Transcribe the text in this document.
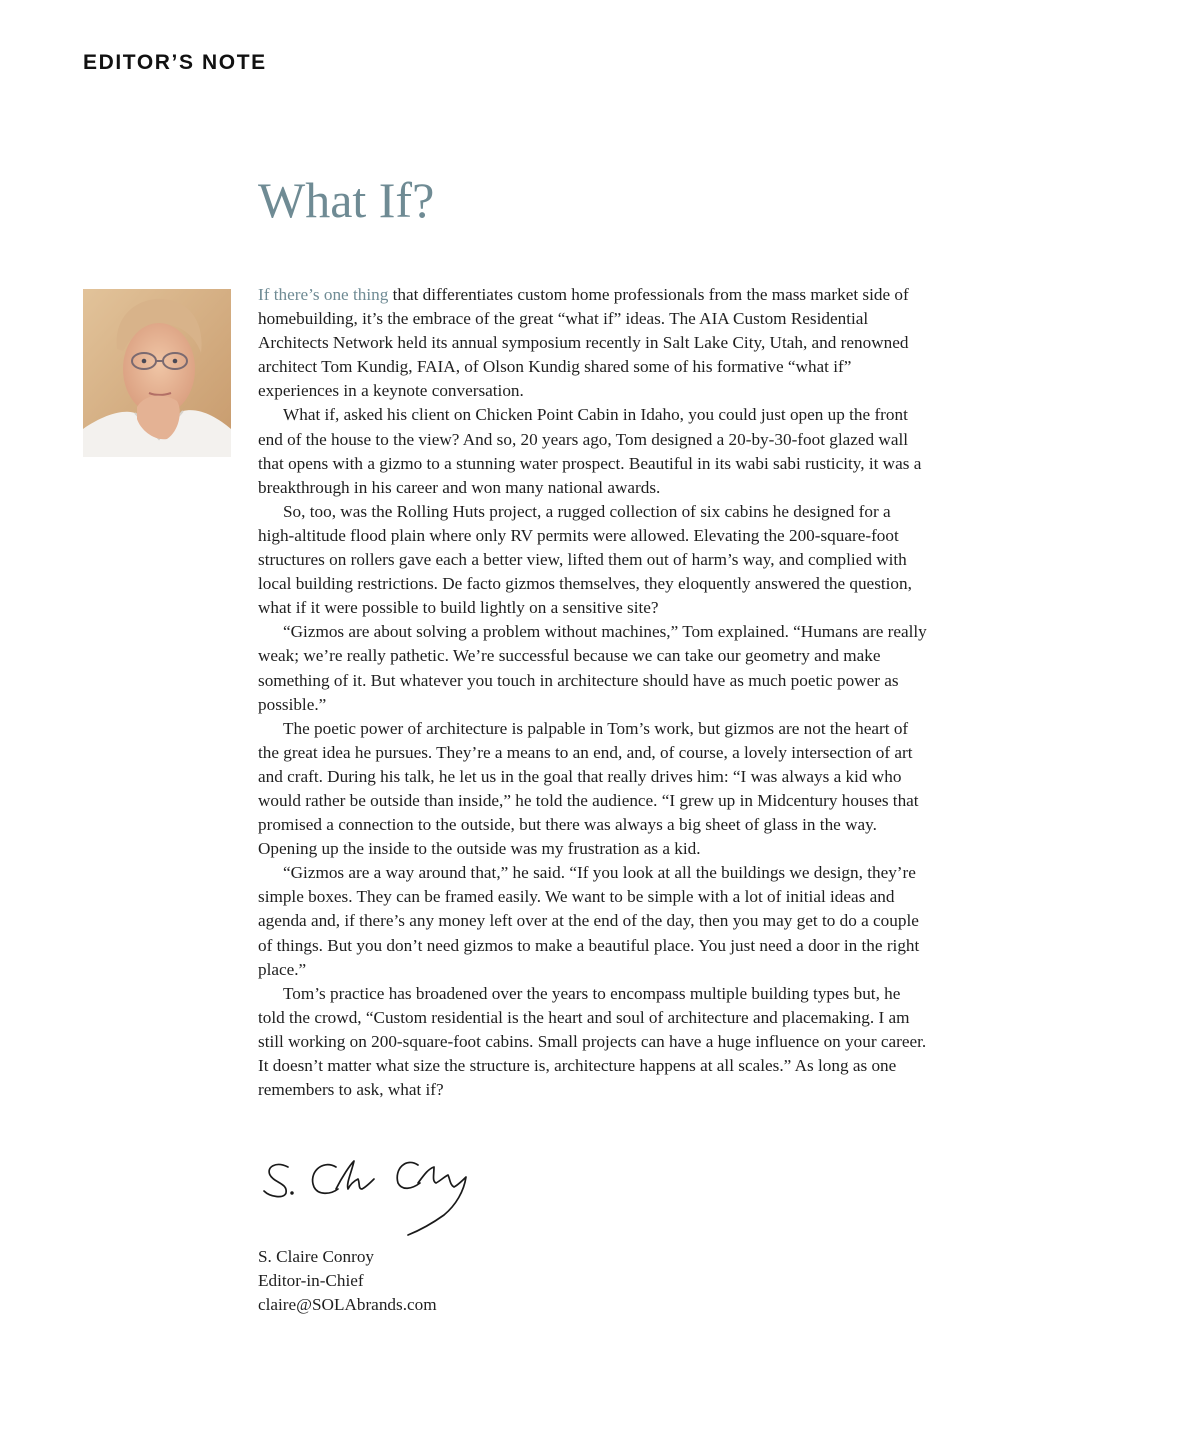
EDITOR’S NOTE
What If?

If there’s one thing that differentiates custom home professionals from the mass market side of homebuilding, it’s the embrace of the great “what if” ideas. The AIA Custom Residential Architects Network held its annual symposium recently in Salt Lake City, Utah, and renowned architect Tom Kundig, FAIA, of Olson Kundig shared some of his formative “what if” experiences in a keynote conversation.

What if, asked his client on Chicken Point Cabin in Idaho, you could just open up the front end of the house to the view? And so, 20 years ago, Tom designed a 20-by-30-foot glazed wall that opens with a gizmo to a stunning water prospect. Beautiful in its wabi sabi rusticity, it was a breakthrough in his career and won many national awards.

So, too, was the Rolling Huts project, a rugged collection of six cabins he designed for a high-altitude flood plain where only RV permits were allowed. Elevating the 200-square-foot structures on rollers gave each a better view, lifted them out of harm’s way, and complied with local building restrictions. De facto gizmos themselves, they eloquently answered the question, what if it were possible to build lightly on a sensitive site?

“Gizmos are about solving a problem without machines,” Tom explained. “Humans are really weak; we’re really pathetic. We’re successful because we can take our geometry and make something of it. But whatever you touch in architecture should have as much poetic power as possible.”

The poetic power of architecture is palpable in Tom’s work, but gizmos are not the heart of the great idea he pursues. They’re a means to an end, and, of course, a lovely intersection of art and craft. During his talk, he let us in the goal that really drives him: “I was always a kid who would rather be outside than inside,” he told the audience. “I grew up in Midcentury houses that promised a connection to the outside, but there was always a big sheet of glass in the way. Opening up the inside to the outside was my frustration as a kid.

“Gizmos are a way around that,” he said. “If you look at all the buildings we design, they’re simple boxes. They can be framed easily. We want to be simple with a lot of initial ideas and agenda and, if there’s any money left over at the end of the day, then you may get to do a couple of things. But you don’t need gizmos to make a beautiful place. You just need a door in the right place.”

Tom’s practice has broadened over the years to encompass multiple building types but, he told the crowd, “Custom residential is the heart and soul of architecture and placemaking. I am still working on 200-square-foot cabins. Small projects can have a huge influence on your career. It doesn’t matter what size the structure is, architecture happens at all scales.” As long as one remembers to ask, what if?

S. Claire Conroy
Editor-in-Chief
claire@SOLAbrands.com
